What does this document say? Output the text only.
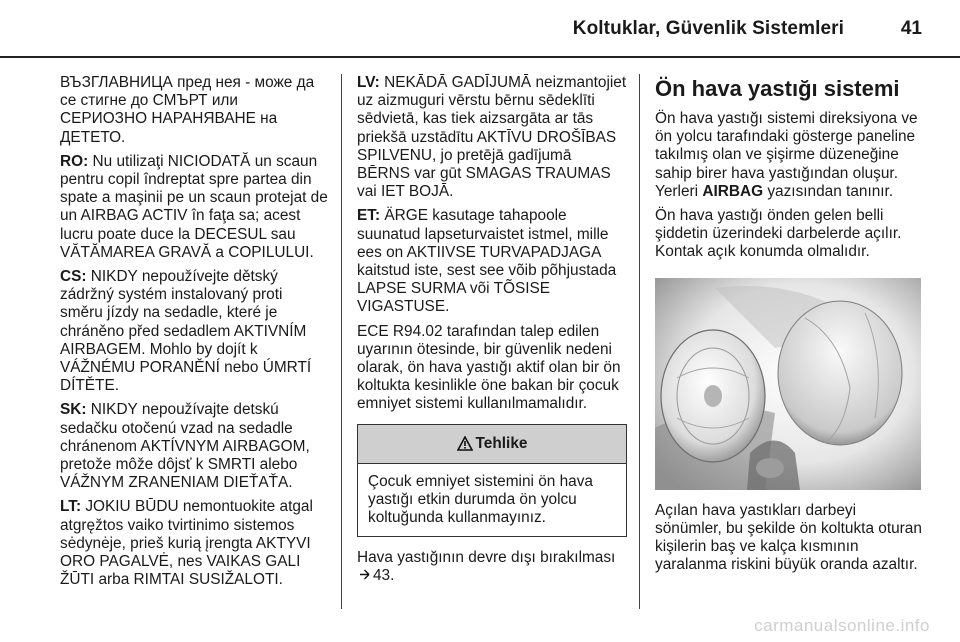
Koltuklar, Güvenlik Sistemleri	41

ВЪЗГЛАВНИЦА пред нея - може да се стигне до СМЪРТ или СЕРИОЗНО НАРАНЯВАНЕ на ДЕТЕТО.

RO: Nu utilizaţi NICIODATĂ un scaun pentru copil îndreptat spre partea din spate a maşinii pe un scaun protejat de un AIRBAG ACTIV în faţa sa; acest lucru poate duce la DECESUL sau VĂTĂMAREA GRAVĂ a COPILULUI.

CS: NIKDY nepoužívejte dětský zádržný systém instalovaný proti směru jízdy na sedadle, které je chráněno před sedadlem AKTIVNÍM AIRBAGEM. Mohlo by dojít k VÁŽNÉMU PORANĚNÍ nebo ÚMRTÍ DÍTĚTE.

SK: NIKDY nepoužívajte detskú sedačku otočenú vzad na sedadle chránenom AKTÍVNYM AIRBAGOM, pretože môže dôjsť k SMRTI alebo VÁŽNYM ZRANENIAM DIEŤAŤA.

LT: JOKIU BŪDU nemontuokite atgal atgręžtos vaiko tvirtinimo sistemos sėdynėje, prieš kurią įrengta AKTYVI ORO PAGALVĖ, nes VAIKAS GALI ŽŪTI arba RIMTAI SUSIŽALOTI.

LV: NEKĀDĀ GADĪJUMĀ neizmantojiet uz aizmuguri vērstu bērnu sēdeklīti sēdvietā, kas tiek aizsargāta ar tās priekšā uzstādītu AKTĪVU DROŠĪBAS SPILVENU, jo pretējā gadījumā BĒRNS var gūt SMAGAS TRAUMAS vai IET BOJĀ.

ET: ÄRGE kasutage tahapoole suunatud lapseturvaistet istmel, mille ees on AKTIIVSE TURVAPADJAGA kaitstud iste, sest see võib põhjustada LAPSE SURMA või TÕSISE VIGASTUSE.

ECE R94.02 tarafından talep edilen uyarının ötesinde, bir güvenlik nedeni olarak, ön hava yastığı aktif olan bir ön koltukta kesinlikle öne bakan bir çocuk emniyet sistemi kullanılmamalıdır.

Tehlike
Çocuk emniyet sistemini ön hava yastığı etkin durumda ön yolcu koltuğunda kullanmayınız.

Hava yastığının devre dışı bırakılması43.

Ön hava yastığı sistemi

Ön hava yastığı sistemi direksiyona ve ön yolcu tarafındaki gösterge paneline takılmış olan ve şişirme düzeneğine sahip birer hava yastığından oluşur. Yerleri AIRBAG yazısından tanınır.

Ön hava yastığı önden gelen belli şiddetin üzerindeki darbelerde açılır. Kontak açık konumda olmalıdır.

Açılan hava yastıkları darbeyi sönümler, bu şekilde ön koltukta oturan kişilerin baş ve kalça kısmının yaralanma riskini büyük oranda azaltır.

carmanualsonline.info
